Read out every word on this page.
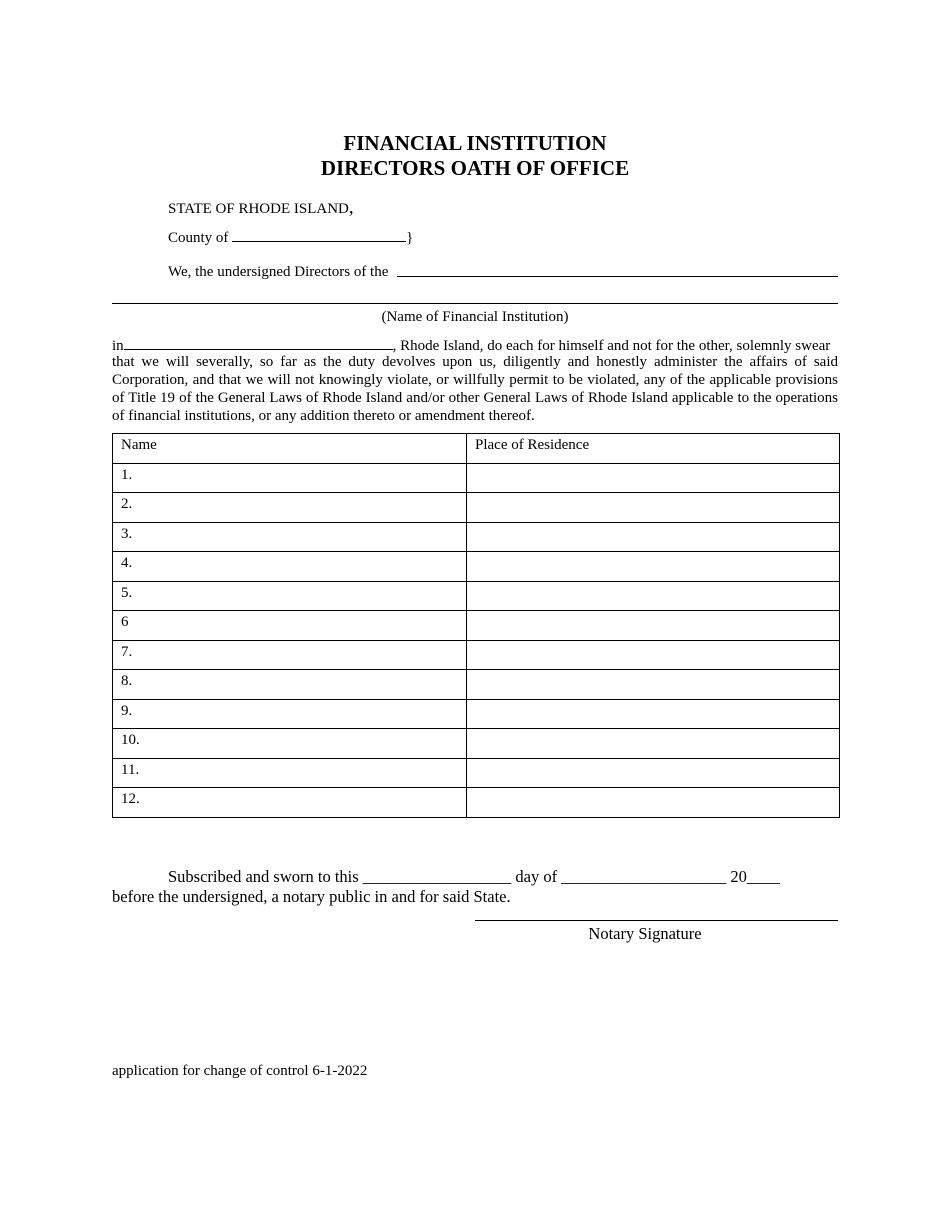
FINANCIAL INSTITUTION
DIRECTORS OATH OF OFFICE
STATE OF RHODE ISLAND,
County of	}
We, the undersigned Directors of the
(Name of Financial Institution)
in	, Rhode Island, do each for himself and not for the other, solemnly swear
that we will severally, so far as the duty devolves upon us, diligently and honestly administer the affairs of said Corporation, and that we will not knowingly violate, or willfully permit to be violated, any of the applicable provisions of Title 19 of the General Laws of Rhode Island and/or other General Laws of Rhode Island applicable to the operations of financial institutions, or any addition thereto or amendment thereof.
Name	Place of Residence
1.	
2.	
3.	
4.	
5.	
6	
7.	
8.	
9.	
10.	
11.	
12.	
Subscribed and sworn to this __________________ day of ____________________ 20____
before the undersigned, a notary public in and for said State.
Notary Signature
application for change of control 6-1-2022
